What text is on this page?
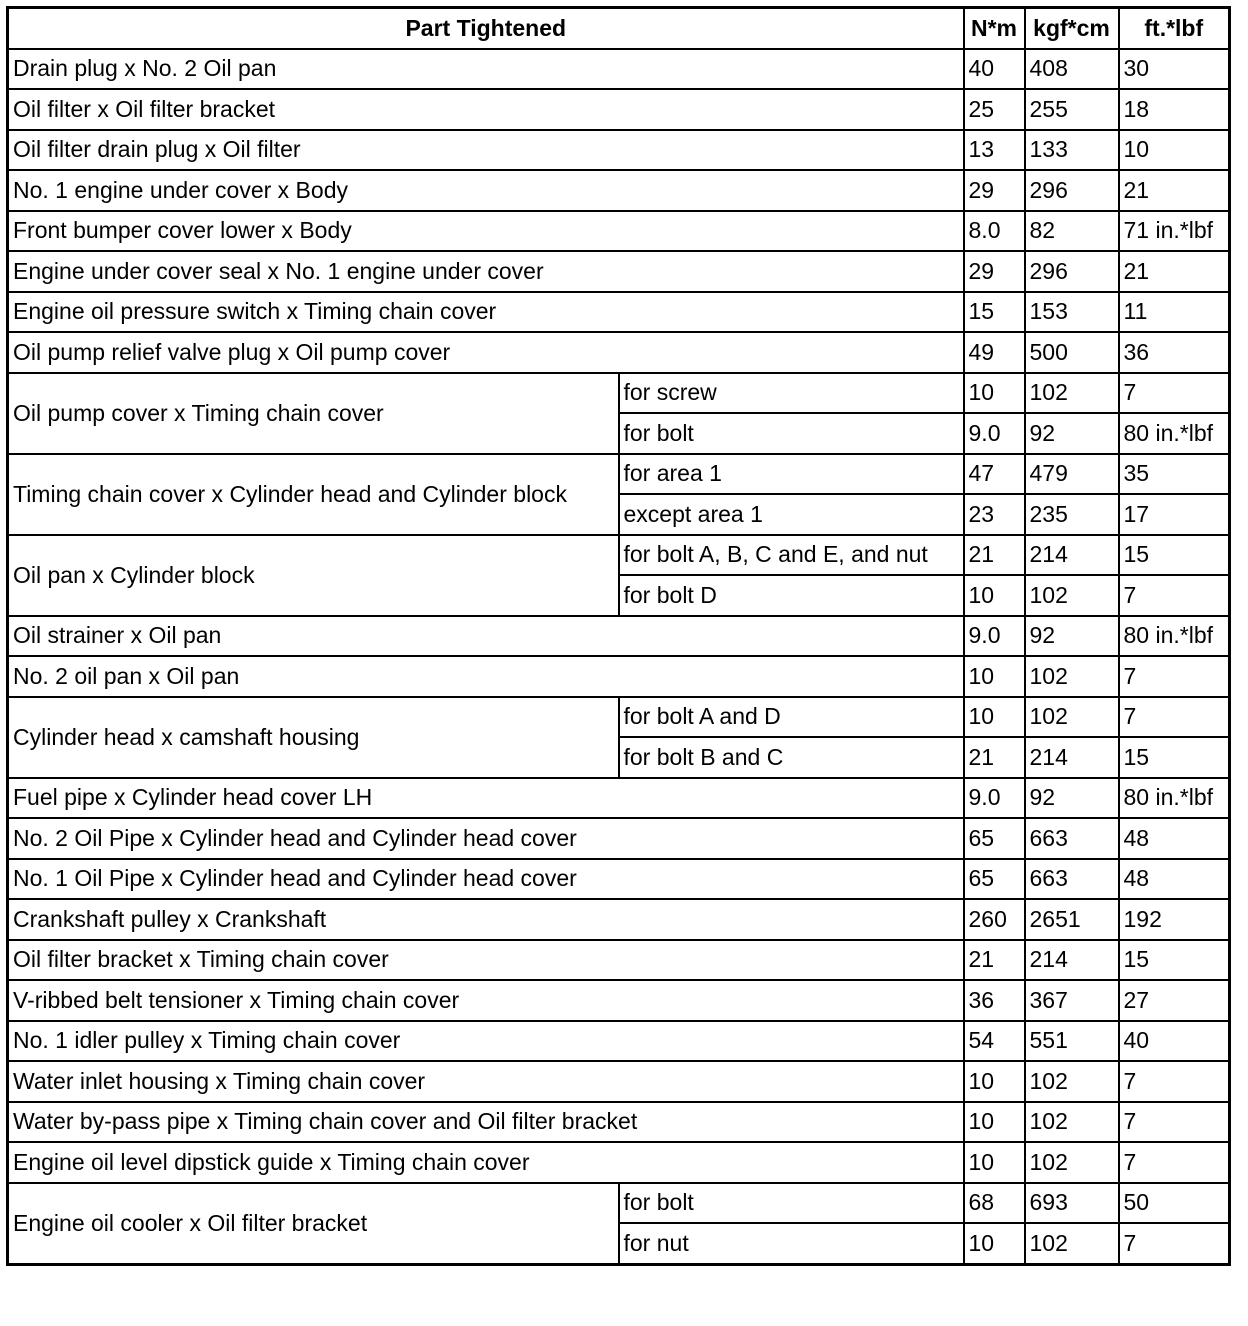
Part Tightened		N*m	kgf*cm	ft.*lbf
Drain plug x No. 2 Oil pan		40	408	30
Oil filter x Oil filter bracket		25	255	18
Oil filter drain plug x Oil filter		13	133	10
No. 1 engine under cover x Body		29	296	21
Front bumper cover lower x Body		8.0	82	71 in.*lbf
Engine under cover seal x No. 1 engine under cover		29	296	21
Engine oil pressure switch x Timing chain cover		15	153	11
Oil pump relief valve plug x Oil pump cover		49	500	36
Oil pump cover x Timing chain cover	for screw	10	102	7
	for bolt	9.0	92	80 in.*lbf
Timing chain cover x Cylinder head and Cylinder block	for area 1	47	479	35
	except area 1	23	235	17
Oil pan x Cylinder block	for bolt A, B, C and E, and nut	21	214	15
	for bolt D	10	102	7
Oil strainer x Oil pan		9.0	92	80 in.*lbf
No. 2 oil pan x Oil pan		10	102	7
Cylinder head x camshaft housing	for bolt A and D	10	102	7
	for bolt B and C	21	214	15
Fuel pipe x Cylinder head cover LH		9.0	92	80 in.*lbf
No. 2 Oil Pipe x Cylinder head and Cylinder head cover		65	663	48
No. 1 Oil Pipe x Cylinder head and Cylinder head cover		65	663	48
Crankshaft pulley x Crankshaft		260	2651	192
Oil filter bracket x Timing chain cover		21	214	15
V-ribbed belt tensioner x Timing chain cover		36	367	27
No. 1 idler pulley x Timing chain cover		54	551	40
Water inlet housing x Timing chain cover		10	102	7
Water by-pass pipe x Timing chain cover and Oil filter bracket		10	102	7
Engine oil level dipstick guide x Timing chain cover		10	102	7
Engine oil cooler x Oil filter bracket	for bolt	68	693	50
	for nut	10	102	7
